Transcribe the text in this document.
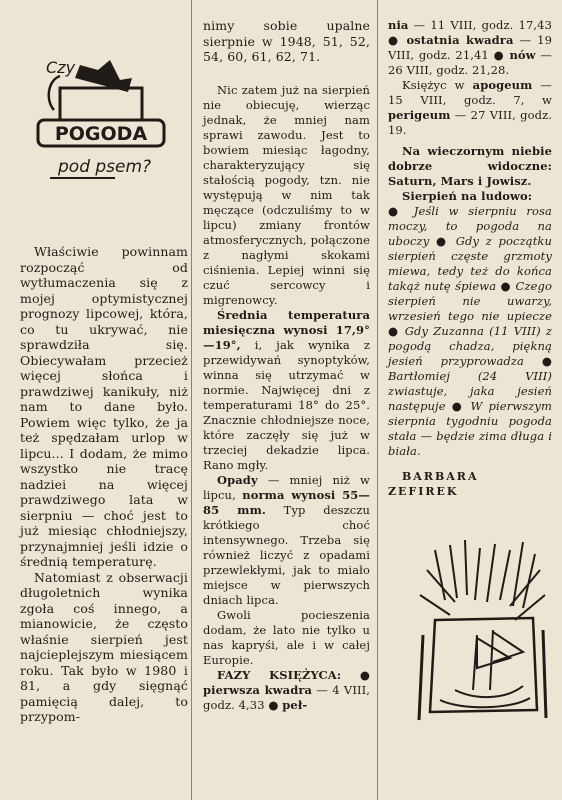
Czy
POGODA
pod psem?

Właściwie powinnam rozpocząć od wytłumaczenia się z mojej optymistycznej prognozy lipcowej, która, co tu ukrywać, nie sprawdziła się. Obiecywałam przecież więcej słońca i prawdziwej kanikuły, niż nam to dane było. Powiem więc tylko, że ja też spędzałam urlop w lipcu... I dodam, że mimo wszystko nie tracę nadziei na więcej prawdziwego lata w sierpniu — choć jest to już miesiąc chłodniejszy, przynajmniej jeśli idzie o średnią temperaturę.

Natomiast z obserwacji długoletnich wynika zgoła coś innego, a mianowicie, że często właśnie sierpień jest najcieplejszym miesiącem roku. Tak było w 1980 i 81, a gdy sięgnąć pamięcią dalej, to przypom-

nimy sobie upalne sierpnie w 1948, 51, 52, 54, 60, 61, 62, 71.

Nic zatem już na sierpień nie obiecuję, wierząc jednak, że mniej nam sprawi zawodu. Jest to bowiem miesiąc łagodny, charakteryzujący się stałością pogody, tzn. nie występują w nim tak męczące (odczuliśmy to w lipcu) zmiany frontów atmosferycznych, połączone z nagłymi skokami ciśnienia. Lepiej winni się czuć sercowcy i migrenowcy.

Średnia temperatura miesięczna wynosi 17,9°—19°, i, jak wynika z przewidywań synoptyków, winna się utrzymać w normie. Najwięcej dni z temperaturami 18° do 25°. Znacznie chłodniejsze noce, które zaczęły się już w trzeciej dekadzie lipca. Rano mgły.

Opady — mniej niż w lipcu, norma wynosi 55—85 mm. Typ deszczu krótkiego choć intensywnego. Trzeba się również liczyć z opadami przewlekłymi, jak to miało miejsce w pierwszych dniach lipca.

Gwoli pocieszenia dodam, że lato nie tylko u nas kapryśi, ale i w całej Europie.

FAZY KSIĘŻYCA: ● pierwsza kwadra — 4 VIII, godz. 4,33 ● peł-

nia — 11 VIII, godz. 17,43 ● ostatnia kwadra — 19 VIII, godz. 21,41 ● nów — 26 VIII, godz. 21,28.

Księżyc w apogeum — 15 VIII, godz. 7, w perigeum — 27 VIII, godz. 19.

Na wieczornym niebie dobrze widoczne: Saturn, Mars i Jowisz.

Sierpień na ludowo:

● Jeśli w sierpniu rosa moczy, to pogoda na uboczy ● Gdy z początku sierpień częste grzmoty miewa, tedy też do końca takąż nutę śpiewa ● Czego sierpień nie uwarzy, wrzesień tego nie upiecze ● Gdy Zuzanna (11 VIII) z pogodą chadza, piękną jesień przyprowadza ● Bartłomiej (24 VIII) zwiastuje, jaka jesień następuje ● W pierwszym sierpnia tygodniu pogoda stała — będzie zima długa i biała.

BARBARA ZEFIREK
